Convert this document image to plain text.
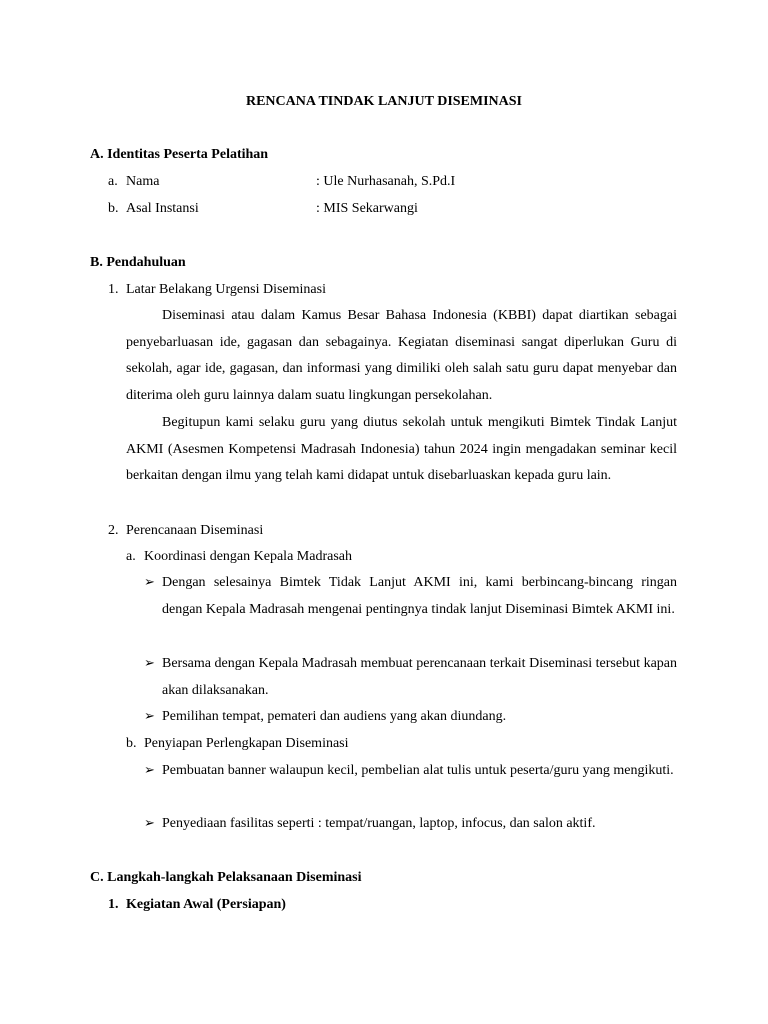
RENCANA TINDAK LANJUT DISEMINASI
A. Identitas Peserta Pelatihan
a. Nama	: Ule Nurhasanah, S.Pd.I
b. Asal Instansi	: MIS Sekarwangi
B. Pendahuluan
1. Latar Belakang Urgensi Diseminasi

Diseminasi atau dalam Kamus Besar Bahasa Indonesia (KBBI) dapat diartikan sebagai penyebarluasan ide, gagasan dan sebagainya. Kegiatan diseminasi sangat diperlukan Guru di sekolah, agar ide, gagasan, dan informasi yang dimiliki oleh salah satu guru dapat menyebar dan diterima oleh guru lainnya dalam suatu lingkungan persekolahan.

Begitupun kami selaku guru yang diutus sekolah untuk mengikuti Bimtek Tindak Lanjut AKMI (Asesmen Kompetensi Madrasah Indonesia) tahun 2024 ingin mengadakan seminar kecil berkaitan dengan ilmu yang telah kami didapat untuk disebarluaskan kepada guru lain.

2. Perencanaan Diseminasi
a. Koordinasi dengan Kepala Madrasah
➢ Dengan selesainya Bimtek Tidak Lanjut AKMI ini, kami berbincang-bincang ringan dengan Kepala Madrasah mengenai pentingnya tindak lanjut Diseminasi Bimtek AKMI ini.

➢ Bersama dengan Kepala Madrasah membuat perencanaan terkait Diseminasi tersebut kapan akan dilaksanakan.

➢ Pemilihan tempat, pemateri dan audiens yang akan diundang.

b. Penyiapan Perlengkapan Diseminasi
➢ Pembuatan banner walaupun kecil, pembelian alat tulis untuk peserta/guru yang mengikuti.

➢ Penyediaan fasilitas seperti : tempat/ruangan, laptop, infocus, dan salon aktif.

C. Langkah-langkah Pelaksanaan Diseminasi
1. Kegiatan Awal (Persiapan)
